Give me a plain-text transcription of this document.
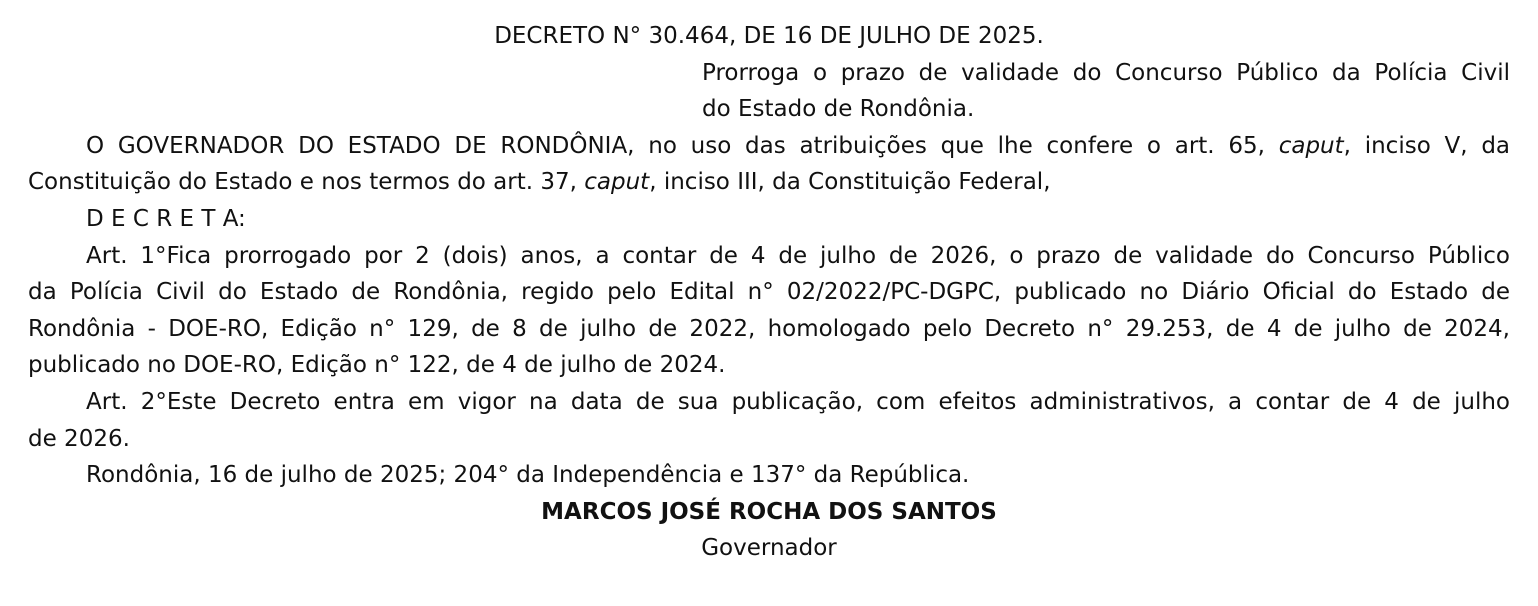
DECRETO N° 30.464, DE 16 DE JULHO DE 2025.
Prorroga o prazo de validade do Concurso Público da Polícia Civil
do Estado de Rondônia.
O GOVERNADOR DO ESTADO DE RONDÔNIA, no uso das atribuições que lhe confere o art. 65, caput, inciso V, da
Constituição do Estado e nos termos do art. 37, caput, inciso III, da Constituição Federal,
D E C R E T A:
Art. 1°Fica prorrogado por 2 (dois) anos, a contar de 4 de julho de 2026, o prazo de validade do Concurso Público
da Polícia Civil do Estado de Rondônia, regido pelo Edital n° 02/2022/PC-DGPC, publicado no Diário Oficial do Estado de
Rondônia - DOE-RO, Edição n° 129, de 8 de julho de 2022, homologado pelo Decreto n° 29.253, de 4 de julho de 2024,
publicado no DOE-RO, Edição n° 122, de 4 de julho de 2024.
Art. 2°Este Decreto entra em vigor na data de sua publicação, com efeitos administrativos, a contar de 4 de julho
de 2026.
Rondônia, 16 de julho de 2025; 204° da Independência e 137° da República.
MARCOS JOSÉ ROCHA DOS SANTOS
Governador
